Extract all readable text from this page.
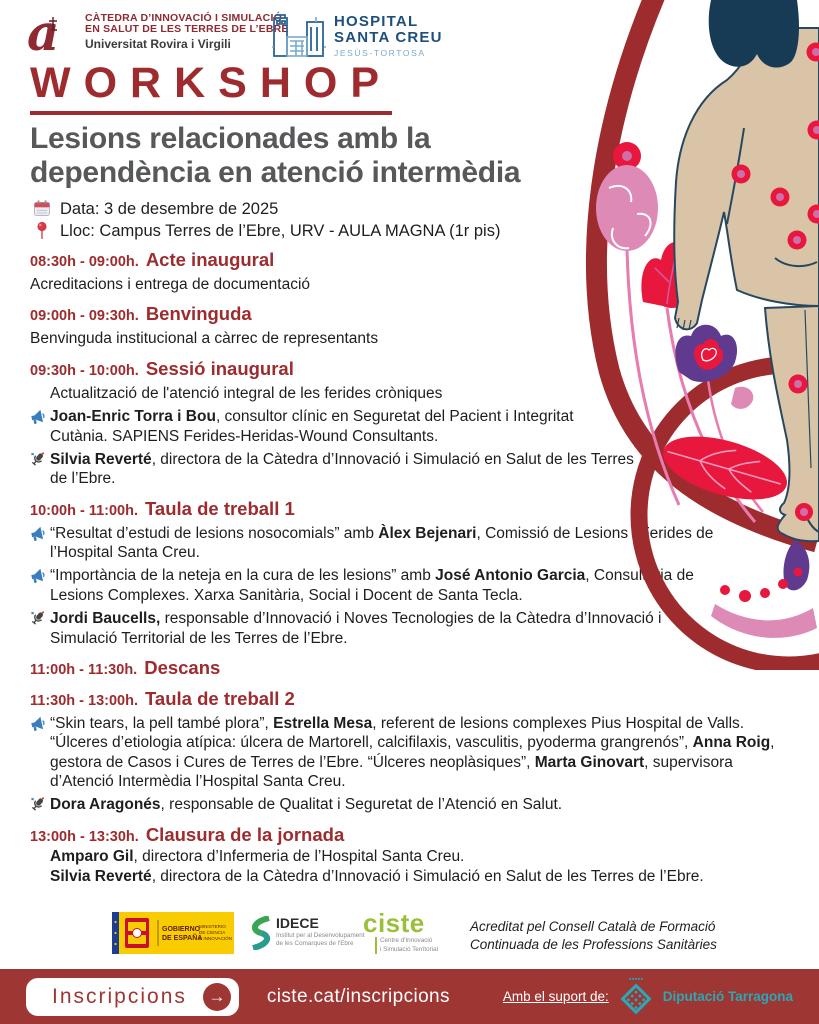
a CÀTEDRA D’INNOVACIÓ I SIMULACIÓ
EN SALUT DE LES TERRES DE L’EBRE
Universitat Rovira i Virgili
HOSPITAL
SANTA CREU
JESÚS-TORTOSA
WORKSHOP
Lesions relacionades amb la dependència en atenció intermèdia
Data: 3 de desembre de 2025
Lloc: Campus Terres de l’Ebre, URV - AULA MAGNA (1r pis)
08:30h - 09:00h. Acte inaugural
Acreditacions i entrega de documentació
09:00h - 09:30h. Benvinguda
Benvinguda institucional a càrrec de representants
09:30h - 10:00h. Sessió inaugural
Actualització de l'atenció integral de les ferides cròniques
Joan-Enric Torra i Bou, consultor clínic en Seguretat del Pacient i Integritat Cutània. SAPIENS Ferides-Heridas-Wound Consultants.
Silvia Reverté, directora de la Càtedra d’Innovació i Simulació en Salut de les Terres de l’Ebre.
10:00h - 11:00h. Taula de treball 1
“Resultat d’estudi de lesions nosocomials” amb Àlex Bejenari, Comissió de Lesions i Ferides de l’Hospital Santa Creu.
“Importància de la neteja en la cura de les lesions” amb José Antonio Garcia, Consultoria de Lesions Complexes. Xarxa Sanitària, Social i Docent de Santa Tecla.
Jordi Baucells, responsable d’Innovació i Noves Tecnologies de la Càtedra d’Innovació i Simulació Territorial de les Terres de l’Ebre.
11:00h - 11:30h. Descans
11:30h - 13:00h. Taula de treball 2
“Skin tears, la pell també plora”, Estrella Mesa, referent de lesions complexes Pius Hospital de Valls. “Úlceres d’etiologia atípica: úlcera de Martorell, calcifilaxis, vasculitis, pyoderma grangrenós”, Anna Roig, gestora de Casos i Cures de Terres de l’Ebre. “Úlceres neoplàsiques”, Marta Ginovart, supervisora d’Atenció Intermèdia l’Hospital Santa Creu.
Dora Aragonés, responsable de Qualitat i Seguretat de l’Atenció en Salut.
13:00h - 13:30h. Clausura de la jornada
Amparo Gil, directora d’Infermeria de l’Hospital Santa Creu.
Silvia Reverté, directora de la Càtedra d’Innovació i Simulació en Salut de les Terres de l’Ebre.
GOBIERNO
DE ESPAÑA
MINISTERIO
DE CIENCIA
E INNOVACIÓN
IDECE
Institut per al Desenvolupament
de les Comarques de l'Ebre
ciste
Centre d'Innovació
i Simulació Territorial
Acreditat pel Consell Català de Formació Continuada de les Professions Sanitàries
Inscripcions	→ ciste.cat/inscripcions	Amb el suport de:	Diputació Tarragona
